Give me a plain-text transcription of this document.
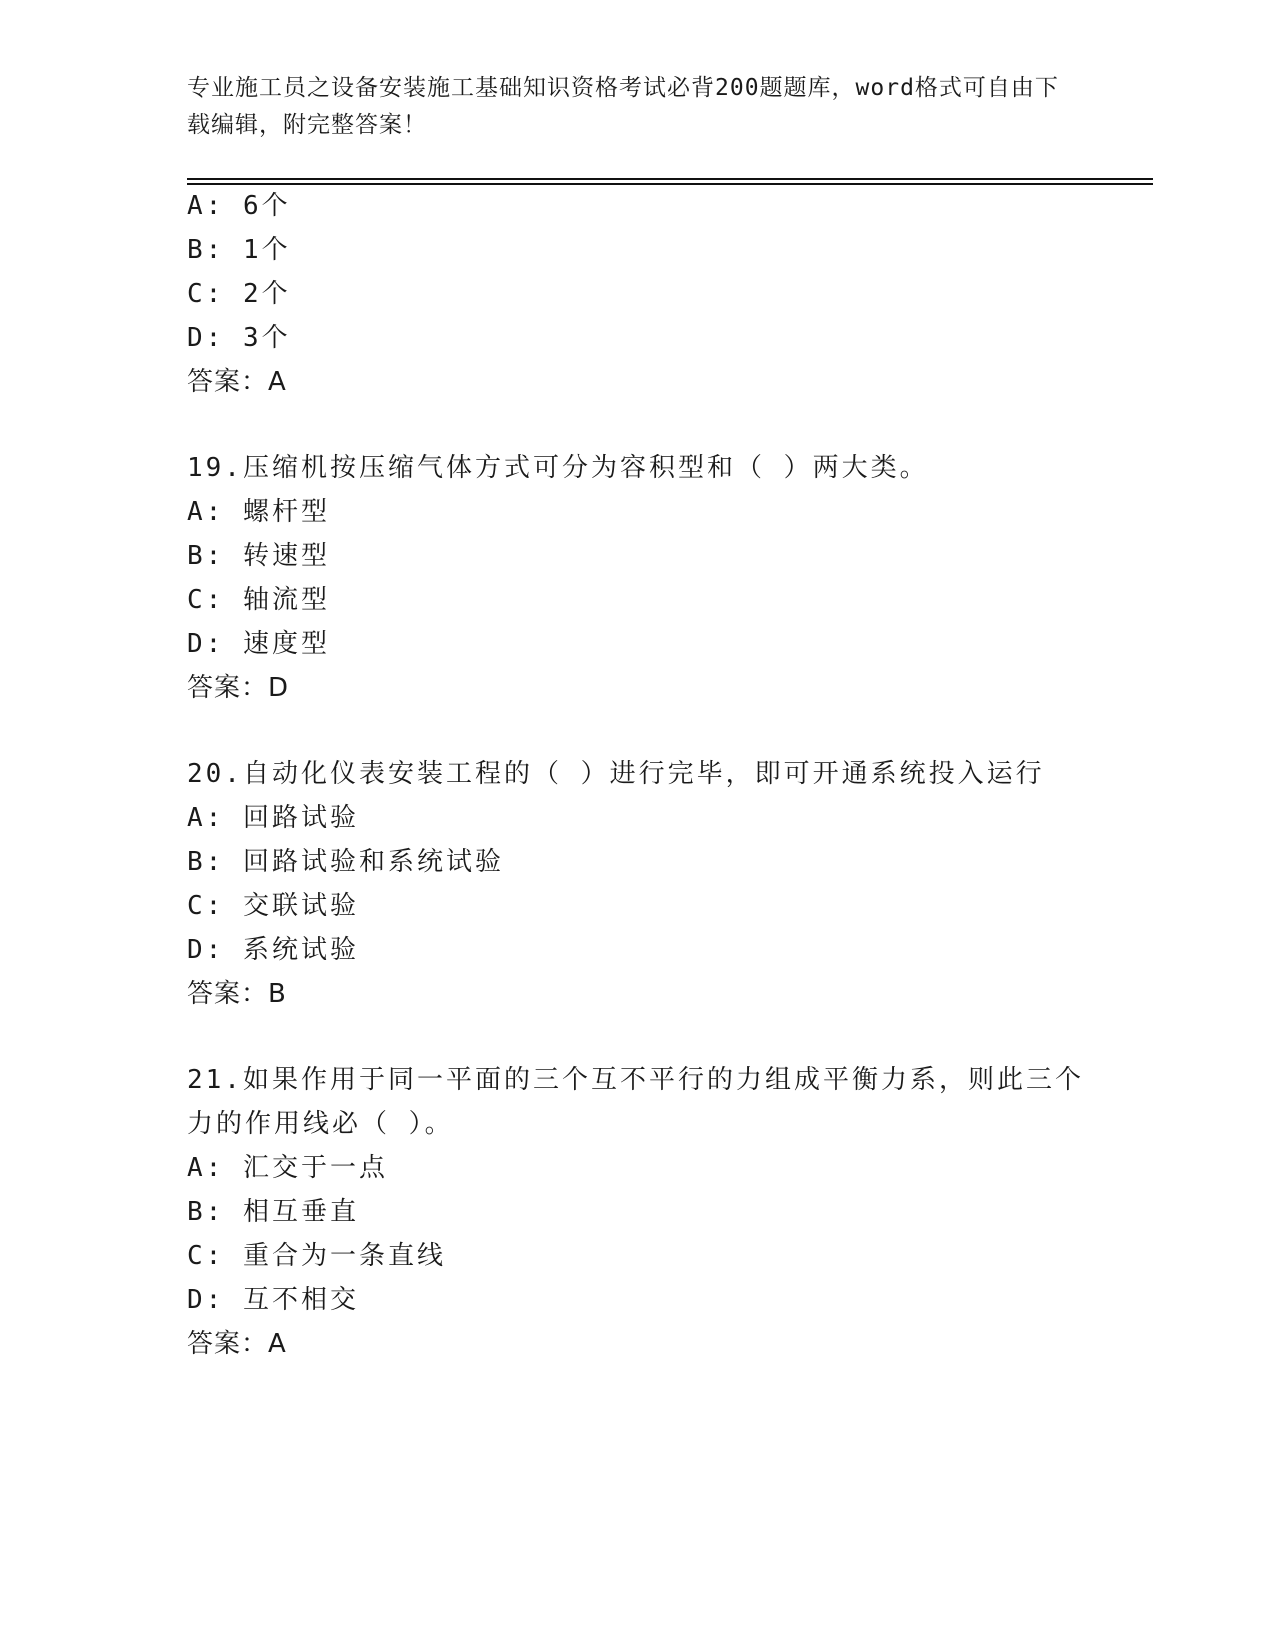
专业施工员之设备安装施工基础知识资格考试必背200题题库，word格式可自由下载编辑，附完整答案！
A: 6个
B: 1个
C: 2个
D: 3个
答案：A
19.压缩机按压缩气体方式可分为容积型和（ ）两大类。
A: 螺杆型
B: 转速型
C: 轴流型
D: 速度型
答案：D
20.自动化仪表安装工程的（ ）进行完毕，即可开通系统投入运行
A: 回路试验
B: 回路试验和系统试验
C: 交联试验
D: 系统试验
答案：B
21.如果作用于同一平面的三个互不平行的力组成平衡力系，则此三个
力的作用线必（ ）。
A: 汇交于一点
B: 相互垂直
C: 重合为一条直线
D: 互不相交
答案：A
